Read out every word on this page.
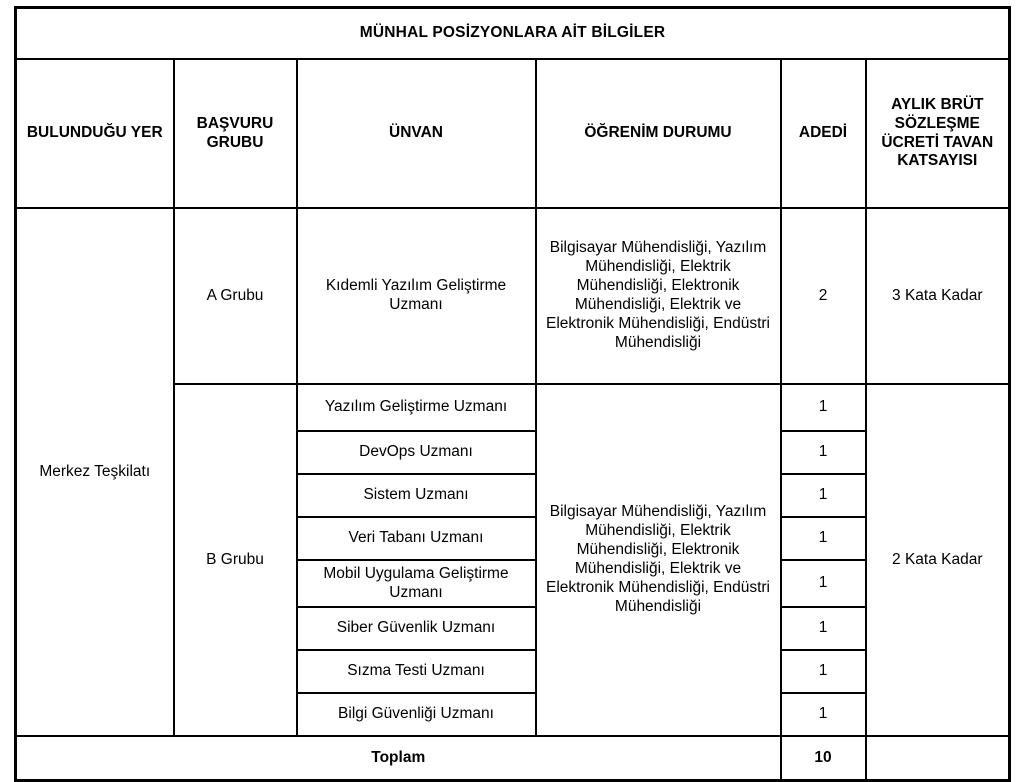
MÜNHAL POSİZYONLARA AİT BİLGİLER					
BULUNDUĞU YER	BAŞVURU GRUBU	ÜNVAN	ÖĞRENİM DURUMU	ADEDİ	AYLIK BRÜT SÖZLEŞME ÜCRETİ TAVAN KATSAYISI
Merkez Teşkilatı	A Grubu	Kıdemli Yazılım Geliştirme Uzmanı	Bilgisayar Mühendisliği, Yazılım Mühendisliği, Elektrik Mühendisliği, Elektronik Mühendisliği, Elektrik ve Elektronik Mühendisliği, Endüstri Mühendisliği	2	3 Kata Kadar
	B Grubu	Yazılım Geliştirme Uzmanı	Bilgisayar Mühendisliği, Yazılım Mühendisliği, Elektrik Mühendisliği, Elektronik Mühendisliği, Elektrik ve Elektronik Mühendisliği, Endüstri Mühendisliği	1	2 Kata Kadar
		DevOps Uzmanı		1	
		Sistem Uzmanı		1	
		Veri Tabanı Uzmanı		1	
		Mobil Uygulama Geliştirme Uzmanı		1	
		Siber Güvenlik Uzmanı		1	
		Sızma Testi Uzmanı		1	
		Bilgi Güvenliği Uzmanı		1	
Toplam				10	
